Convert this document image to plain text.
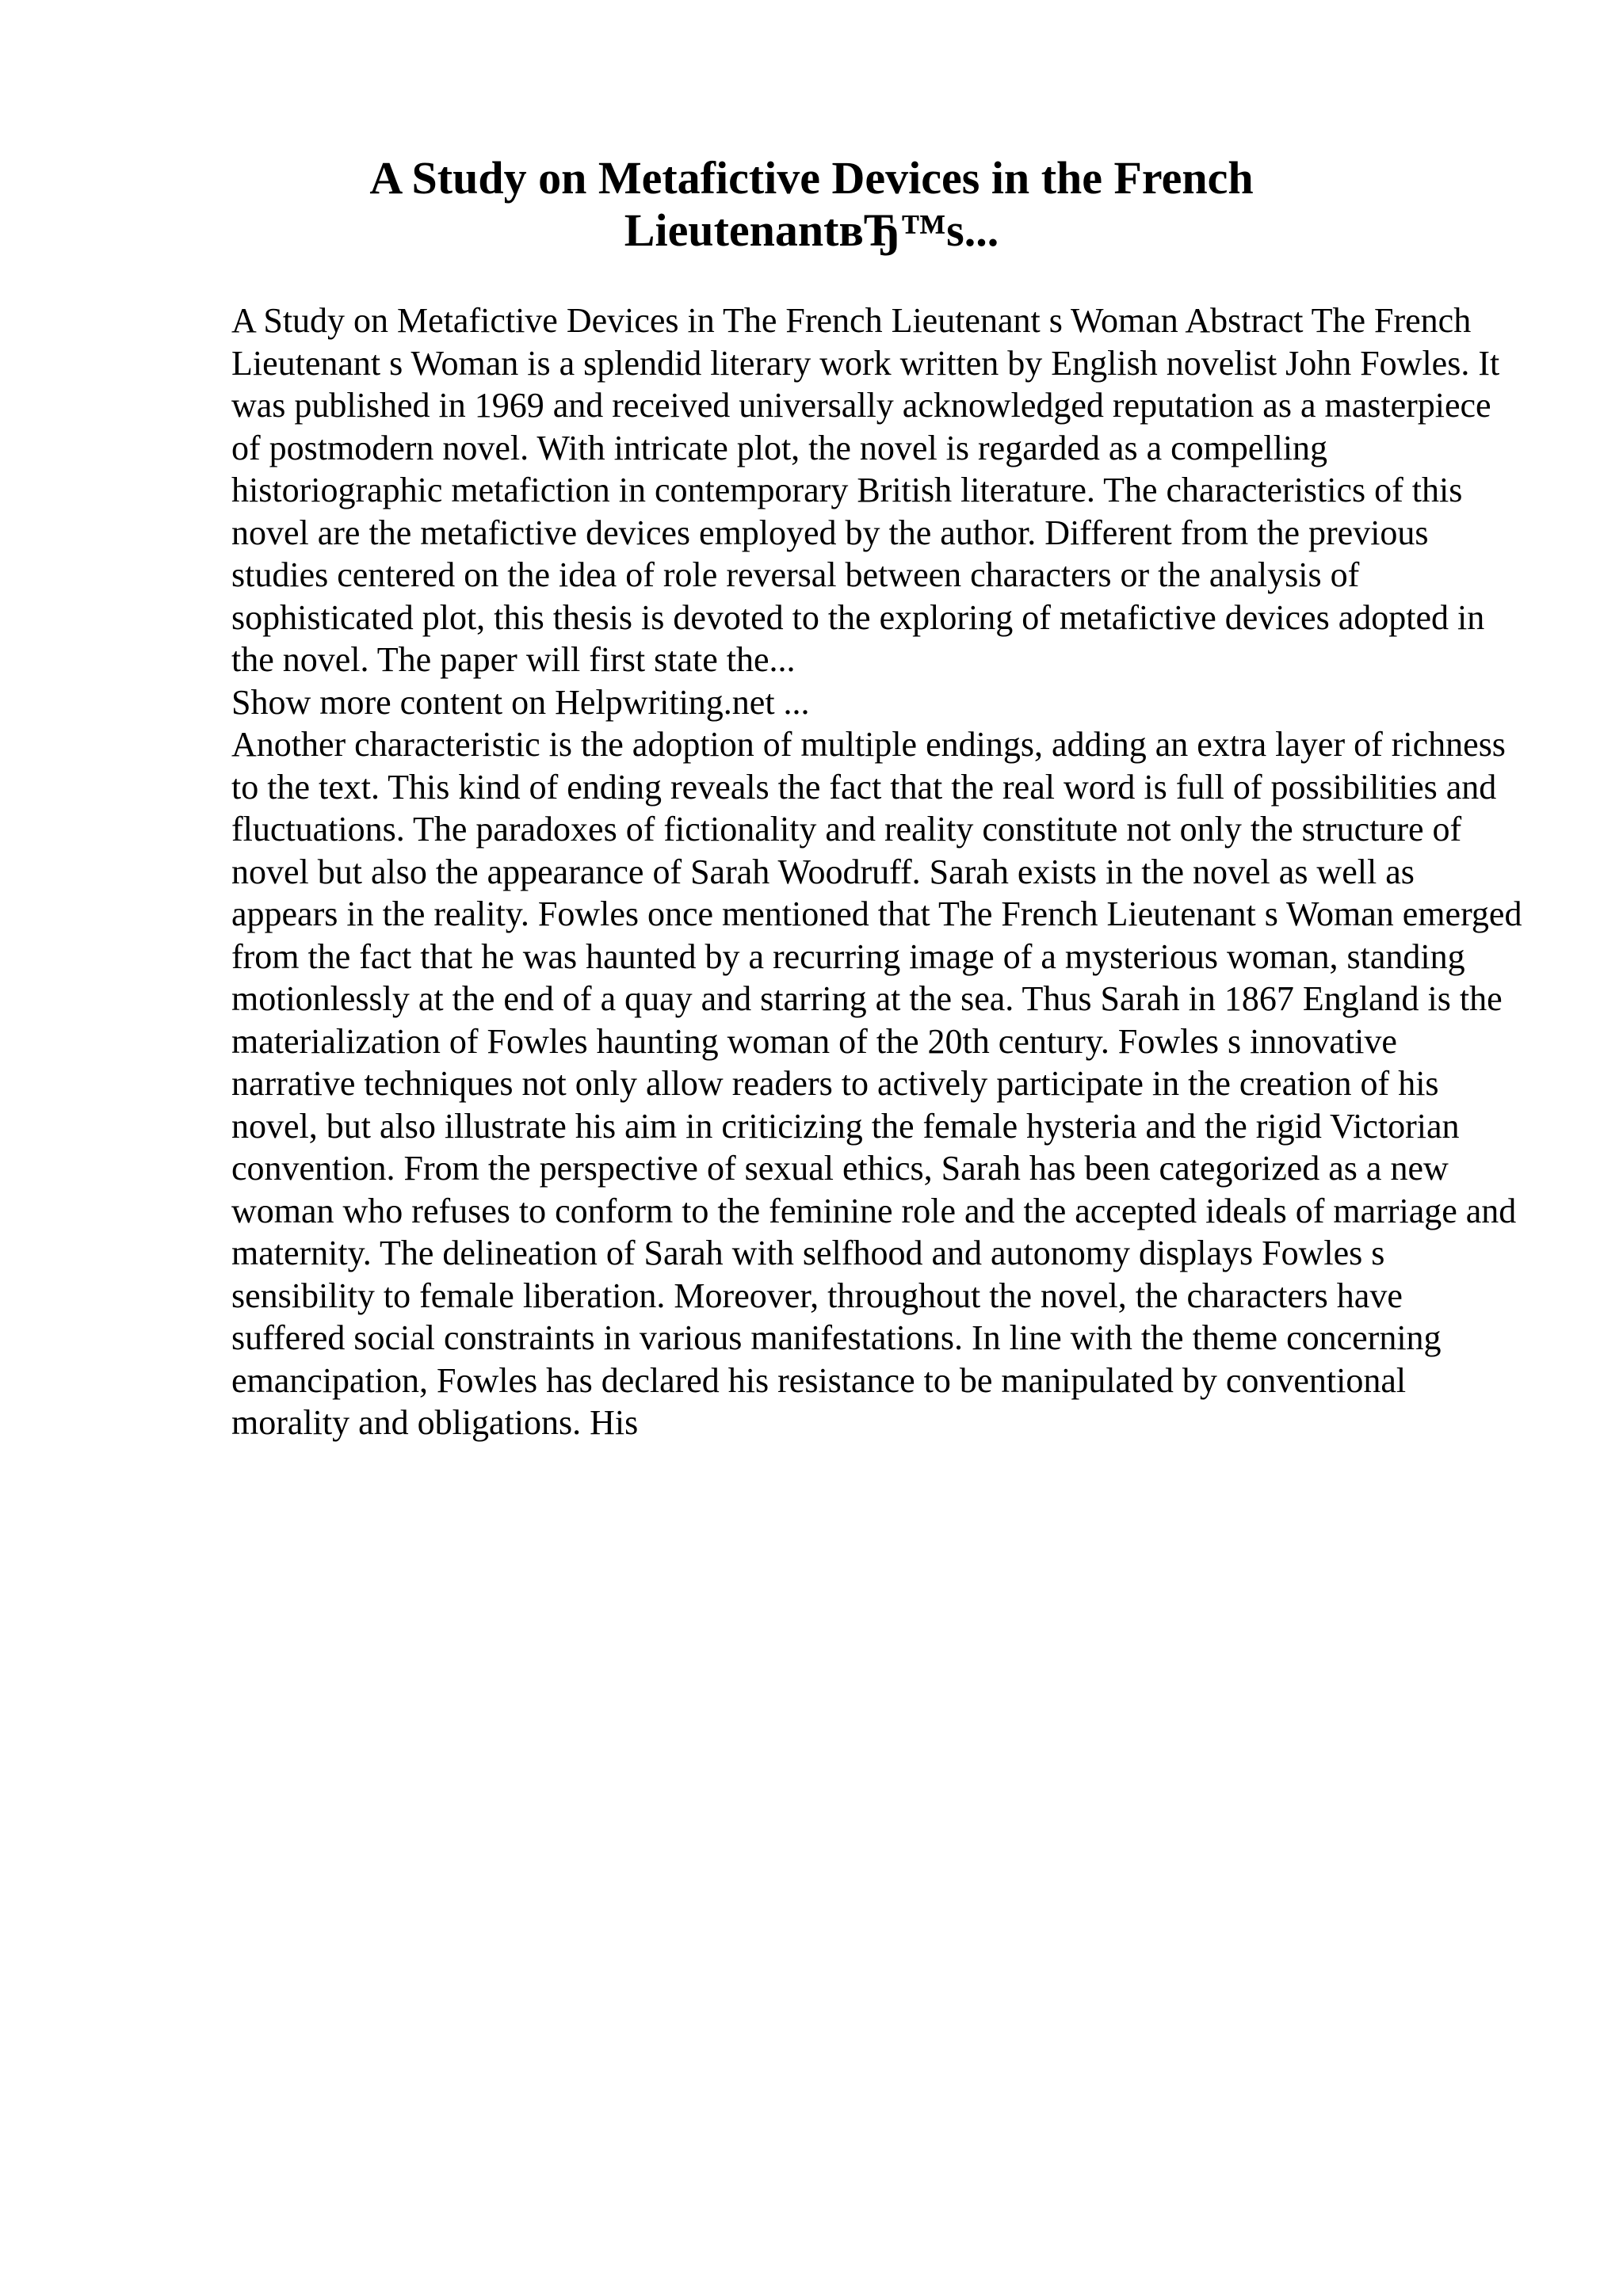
A Study on Metafictive Devices in the French LieutenantвЂ™s...

A Study on Metafictive Devices in The French Lieutenant s Woman Abstract The French Lieutenant s Woman is a splendid literary work written by English novelist John Fowles. It was published in 1969 and received universally acknowledged reputation as a masterpiece of postmodern novel. With intricate plot, the novel is regarded as a compelling historiographic metafiction in contemporary British literature. The characteristics of this novel are the metafictive devices employed by the author. Different from the previous studies centered on the idea of role reversal between characters or the analysis of sophisticated plot, this thesis is devoted to the exploring of metafictive devices adopted in the novel. The paper will first state the...
Show more content on Helpwriting.net ...

Another characteristic is the adoption of multiple endings, adding an extra layer of richness to the text. This kind of ending reveals the fact that the real word is full of possibilities and fluctuations. The paradoxes of fictionality and reality constitute not only the structure of novel but also the appearance of Sarah Woodruff. Sarah exists in the novel as well as appears in the reality. Fowles once mentioned that The French Lieutenant s Woman emerged from the fact that he was haunted by a recurring image of a mysterious woman, standing motionlessly at the end of a quay and starring at the sea. Thus Sarah in 1867 England is the materialization of Fowles haunting woman of the 20th century. Fowles s innovative narrative techniques not only allow readers to actively participate in the creation of his novel, but also illustrate his aim in criticizing the female hysteria and the rigid Victorian convention. From the perspective of sexual ethics, Sarah has been categorized as a new woman who refuses to conform to the feminine role and the accepted ideals of marriage and maternity. The delineation of Sarah with selfhood and autonomy displays Fowles s sensibility to female liberation. Moreover, throughout the novel, the characters have suffered social constraints in various manifestations. In line with the theme concerning emancipation, Fowles has declared his resistance to be manipulated by conventional morality and obligations. His
